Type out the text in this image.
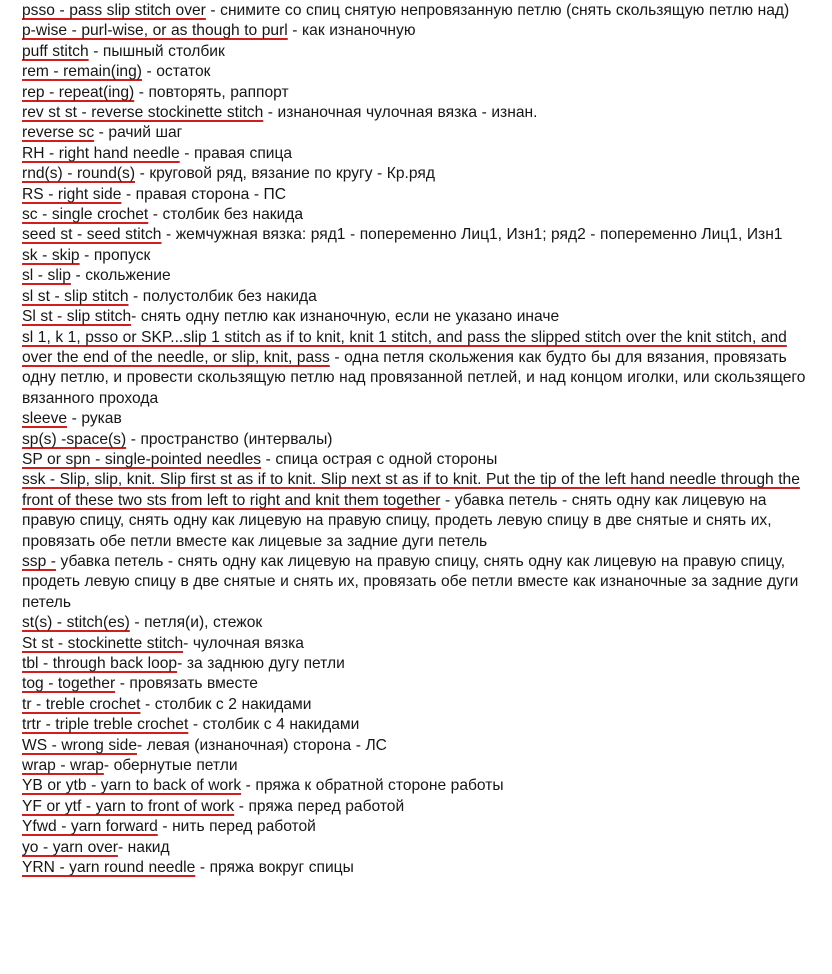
psso - pass slip stitch over - снимите со спиц снятую непровязанную петлю (снять скользящую петлю над)
p-wise - purl-wise, or as though to purl - как изнаночную
puff stitch - пышный столбик
rem - remain(ing) - остаток
rep - repeat(ing) - повторять, раппорт
rev st st - reverse stockinette stitch - изнаночная чулочная вязка - изнан.
reverse sc - рачий шаг
RH - right hand needle - правая спица
rnd(s) - round(s) - круговой ряд, вязание по кругу - Кр.ряд
RS - right side - правая сторона - ПС
sc - single crochet - столбик без накида
seed st - seed stitch - жемчужная вязка: ряд1 - попеременно Лиц1, Изн1; ряд2 - попеременно Лиц1, Изн1
sk - skip - пропуск
sl - slip - скольжение
sl st - slip stitch - полустолбик без накида
Sl st - slip stitch- снять одну петлю как изнаночную, если не указано иначе
sl 1, k 1, psso or SKP...slip 1 stitch as if to knit, knit 1 stitch, and pass the slipped stitch over the knit stitch, and over the end of the needle, or slip, knit, pass - одна петля скольжения как будто бы для вязания, провязать одну петлю, и провести скользящую петлю над провязанной петлей, и над концом иголки, или скользящего вязанного прохода
sleeve - рукав
sp(s) -space(s) - пространство (интервалы)
SP or spn - single-pointed needles - спица острая с одной стороны
ssk - Slip, slip, knit. Slip first st as if to knit. Slip next st as if to knit. Put the tip of the left hand needle through the front of these two sts from left to right and knit them together - убавка петель - снять одну как лицевую на правую спицу, снять одну как лицевую на правую спицу, продеть левую спицу в две снятые и снять их, провязать обе петли вместе как лицевые за задние дуги петель
ssp - убавка петель - снять одну как лицевую на правую спицу, снять одну как лицевую на правую спицу, продеть левую спицу в две снятые и снять их, провязать обе петли вместе как изнаночные за задние дуги петель
st(s) - stitch(es) - петля(и), стежок
St st - stockinette stitch- чулочная вязка
tbl - through back loop- за заднюю дугу петли
tog - together - провязать вместе
tr - treble crochet - столбик с 2 накидами
trtr - triple treble crochet - столбик с 4 накидами
WS - wrong side- левая (изнаночная) сторона - ЛС
wrap - wrap- обернутые петли
YB or ytb - yarn to back of work - пряжа к обратной стороне работы
YF or ytf - yarn to front of work - пряжа перед работой
Yfwd - yarn forward - нить перед работой
yo - yarn over- накид
YRN - yarn round needle - пряжа вокруг спицы
